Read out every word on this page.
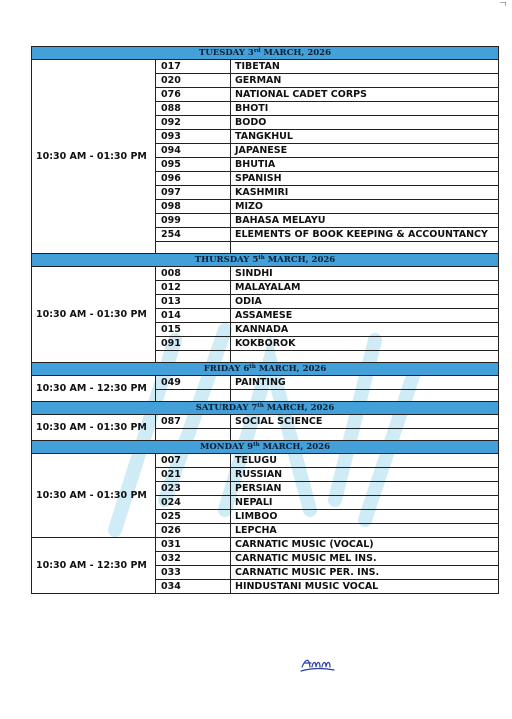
TUESDAY 3rd MARCH, 2026		
10:30 AM - 01:30 PM	017	TIBETAN
	020	GERMAN
	076	NATIONAL CADET CORPS
	088	BHOTI
	092	BODO
	093	TANGKHUL
	094	JAPANESE
	095	BHUTIA
	096	SPANISH
	097	KASHMIRI
	098	MIZO
	099	BAHASA MELAYU
	254	ELEMENTS OF BOOK KEEPING & ACCOUNTANCY

THURSDAY 5th MARCH, 2026		
10:30 AM - 01:30 PM	008	SINDHI
	012	MALAYALAM
	013	ODIA
	014	ASSAMESE
	015	KANNADA
	091	KOKBOROK

FRIDAY 6th MARCH, 2026		
10:30 AM - 12:30 PM	049	PAINTING

SATURDAY 7th MARCH, 2026		
10:30 AM - 01:30 PM	087	SOCIAL SCIENCE

MONDAY 9th MARCH, 2026		
10:30 AM - 01:30 PM	007	TELUGU
	021	RUSSIAN
	023	PERSIAN
	024	NEPALI
	025	LIMBOO
	026	LEPCHA
10:30 AM - 12:30 PM	031	CARNATIC MUSIC (VOCAL)
	032	CARNATIC MUSIC MEL INS.
	033	CARNATIC MUSIC PER. INS.
	034	HINDUSTANI MUSIC VOCAL
